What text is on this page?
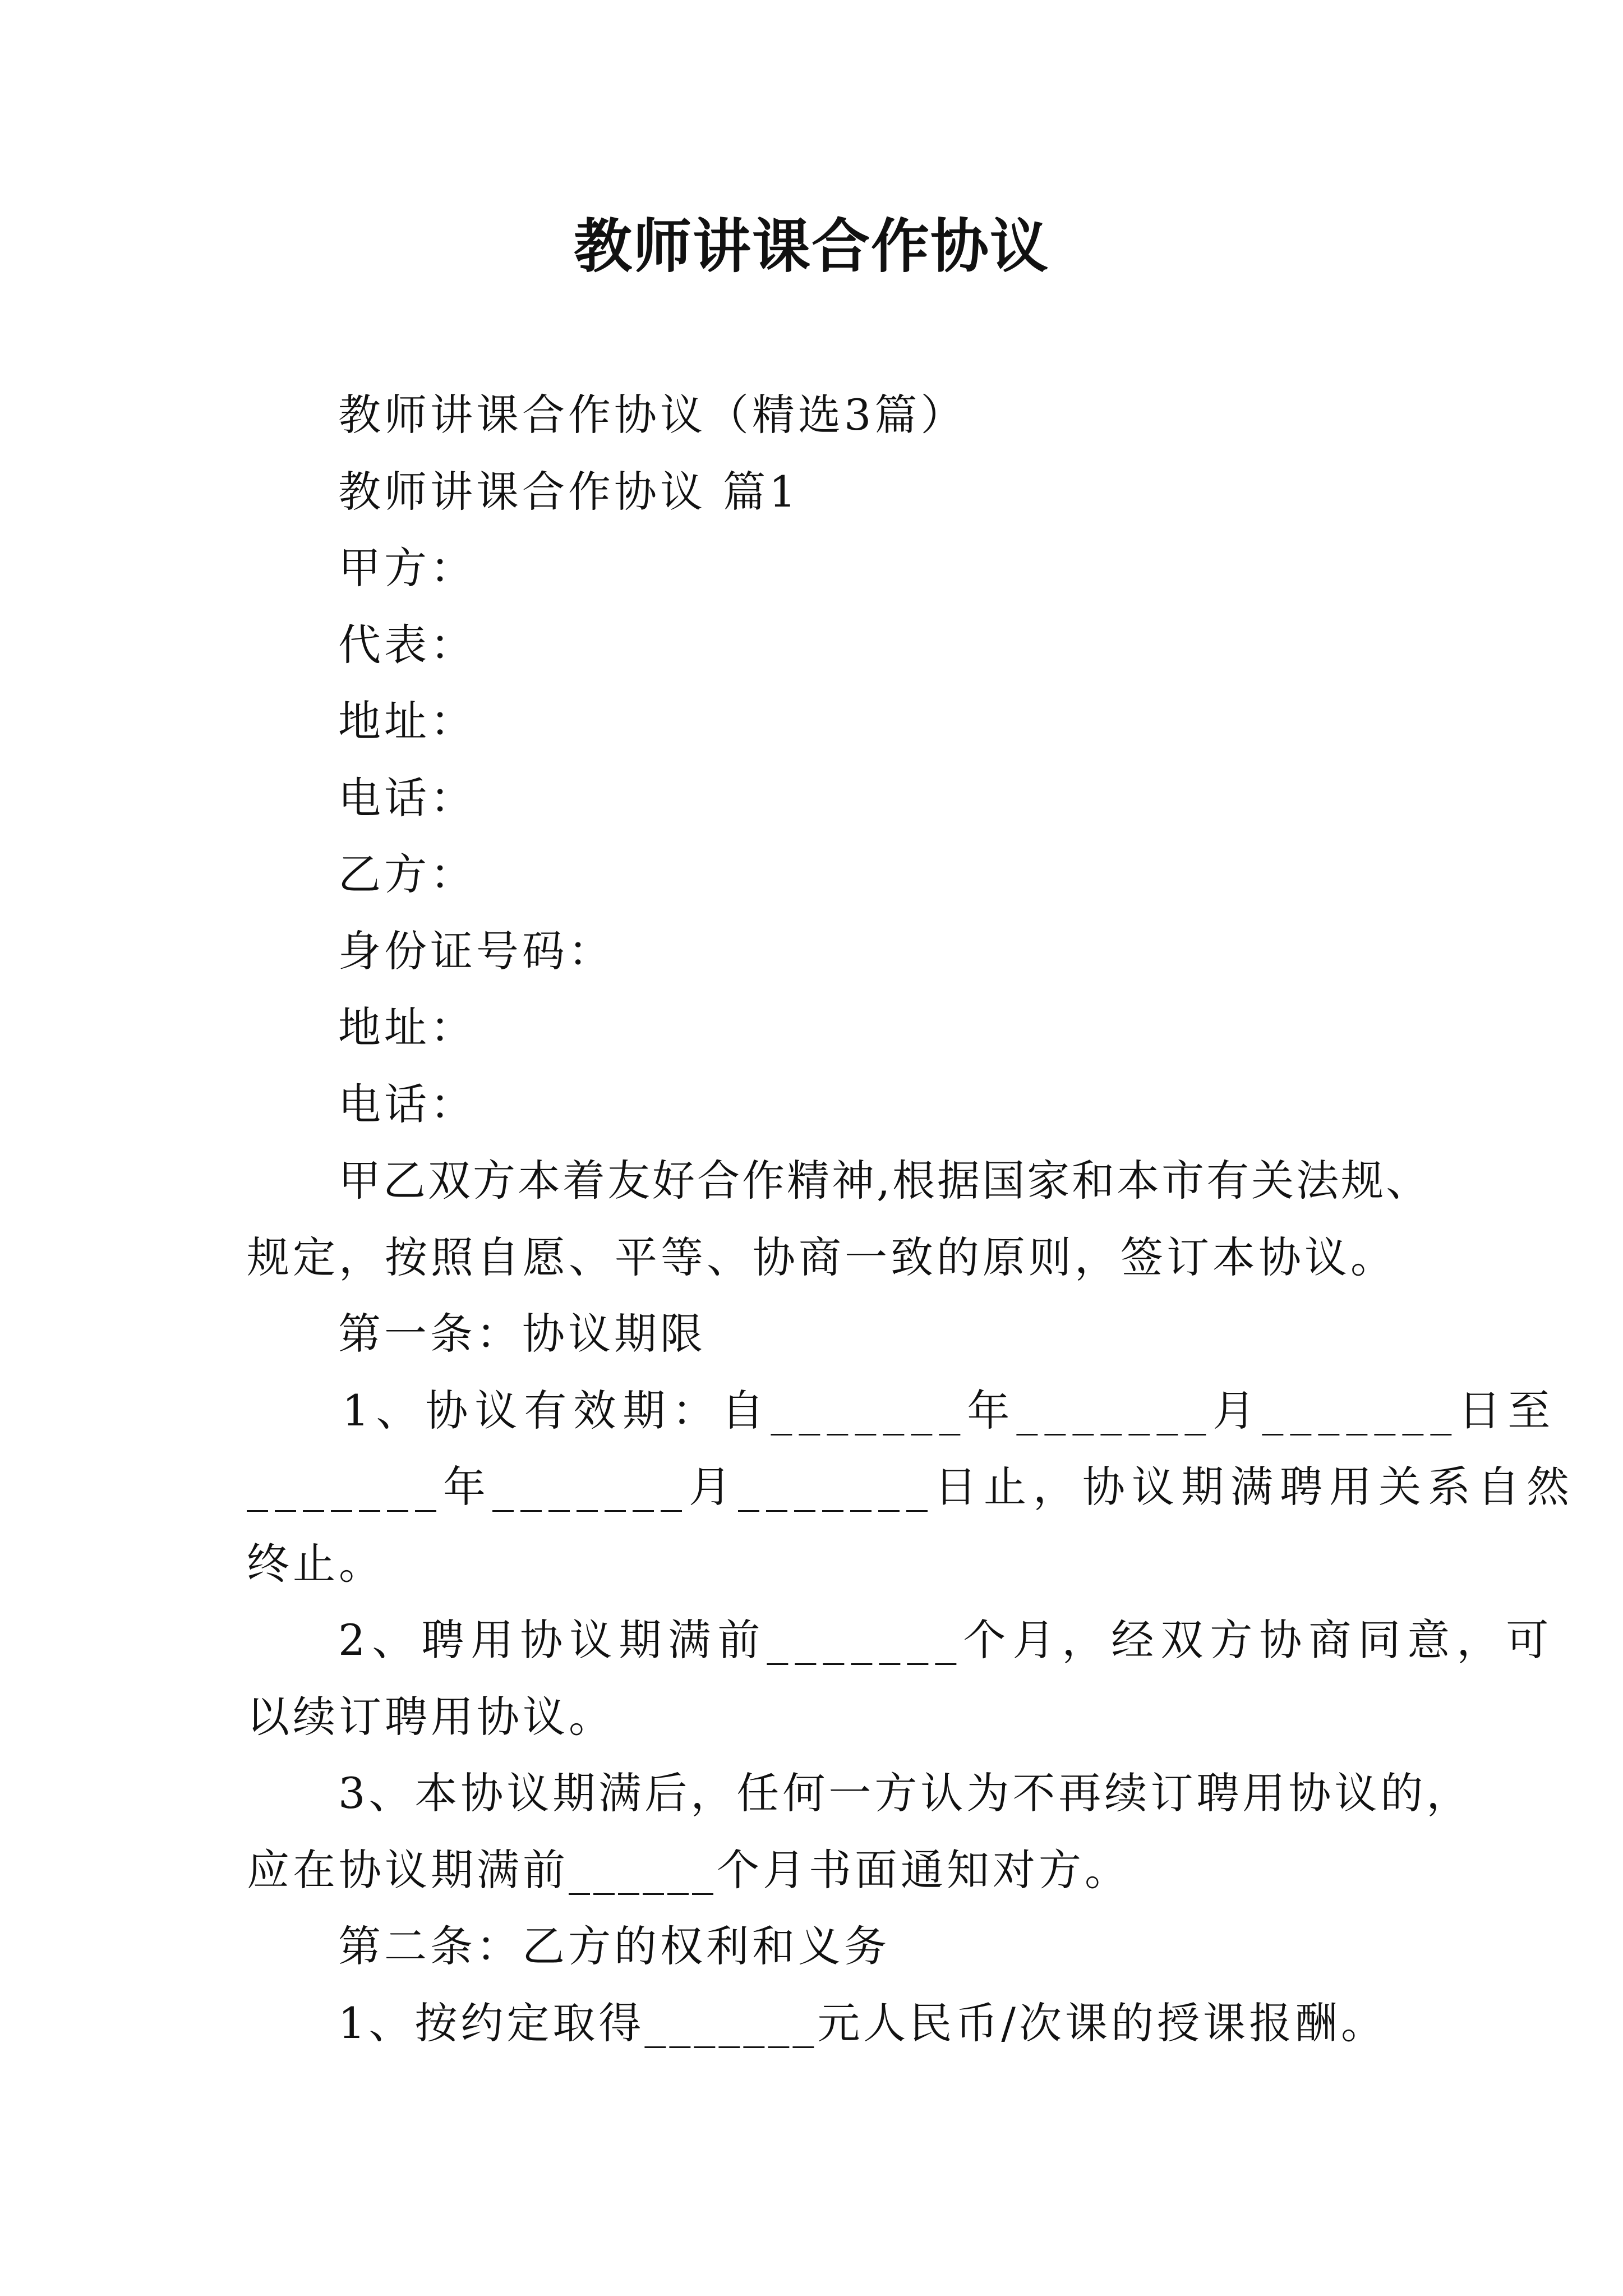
教师讲课合作协议
教师讲课合作协议（精选3篇）
教师讲课合作协议 篇1
甲方：
代表：
地址：
电话：
乙方：
身份证号码：
地址：
电话：
甲乙双方本着友好合作精神,根据国家和本市有关法规、
规定，按照自愿、平等、协商一致的原则，签订本协议。
第一条：协议期限
1、协议有效期：自_______年_______月_______日至
_______年_______月_______日止，协议期满聘用关系自然
终止。
2、聘用协议期满前_______个月，经双方协商同意，可
以续订聘用协议。
3、本协议期满后，任何一方认为不再续订聘用协议的，
应在协议期满前______个月书面通知对方。
第二条：乙方的权利和义务
1、按约定取得_______元人民币/次课的授课报酬。
